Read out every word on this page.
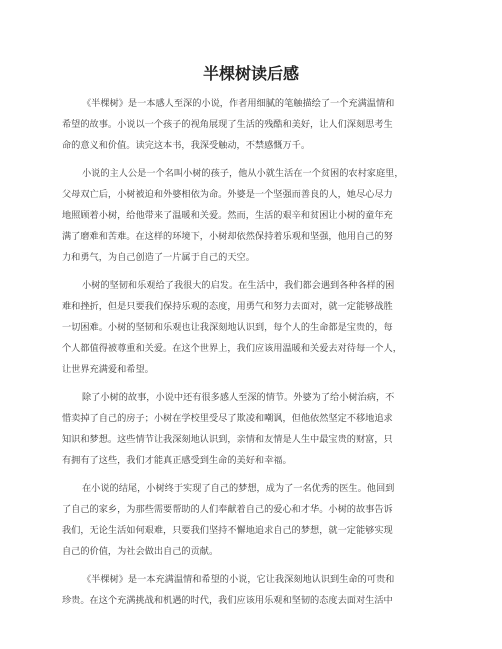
半棵树读后感
《半棵树》是一本感人至深的小说，作者用细腻的笔触描绘了一个充满温情和
希望的故事。小说以一个孩子的视角展现了生活的残酷和美好，让人们深刻思考生
命的意义和价值。读完这本书，我深受触动，不禁感慨万千。
小说的主人公是一个名叫小树的孩子，他从小就生活在一个贫困的农村家庭里，
父母双亡后，小树被迫和外婆相依为命。外婆是一个坚强而善良的人，她尽心尽力
地照顾着小树，给他带来了温暖和关爱。然而，生活的艰辛和贫困让小树的童年充
满了磨难和苦难。在这样的环境下，小树却依然保持着乐观和坚强，他用自己的努
力和勇气，为自己创造了一片属于自己的天空。
小树的坚韧和乐观给了我很大的启发。在生活中，我们都会遇到各种各样的困
难和挫折，但是只要我们保持乐观的态度，用勇气和努力去面对，就一定能够战胜
一切困难。小树的坚韧和乐观也让我深刻地认识到，每个人的生命都是宝贵的，每
个人都值得被尊重和关爱。在这个世界上，我们应该用温暖和关爱去对待每一个人，
让世界充满爱和希望。
除了小树的故事，小说中还有很多感人至深的情节。外婆为了给小树治病，不
惜卖掉了自己的房子；小树在学校里受尽了欺凌和嘲讽，但他依然坚定不移地追求
知识和梦想。这些情节让我深刻地认识到，亲情和友情是人生中最宝贵的财富，只
有拥有了这些，我们才能真正感受到生命的美好和幸福。
在小说的结尾，小树终于实现了自己的梦想，成为了一名优秀的医生。他回到
了自己的家乡，为那些需要帮助的人们奉献着自己的爱心和才华。小树的故事告诉
我们，无论生活如何艰难，只要我们坚持不懈地追求自己的梦想，就一定能够实现
自己的价值，为社会做出自己的贡献。
《半棵树》是一本充满温情和希望的小说，它让我深刻地认识到生命的可贵和
珍贵。在这个充满挑战和机遇的时代，我们应该用乐观和坚韧的态度去面对生活中
